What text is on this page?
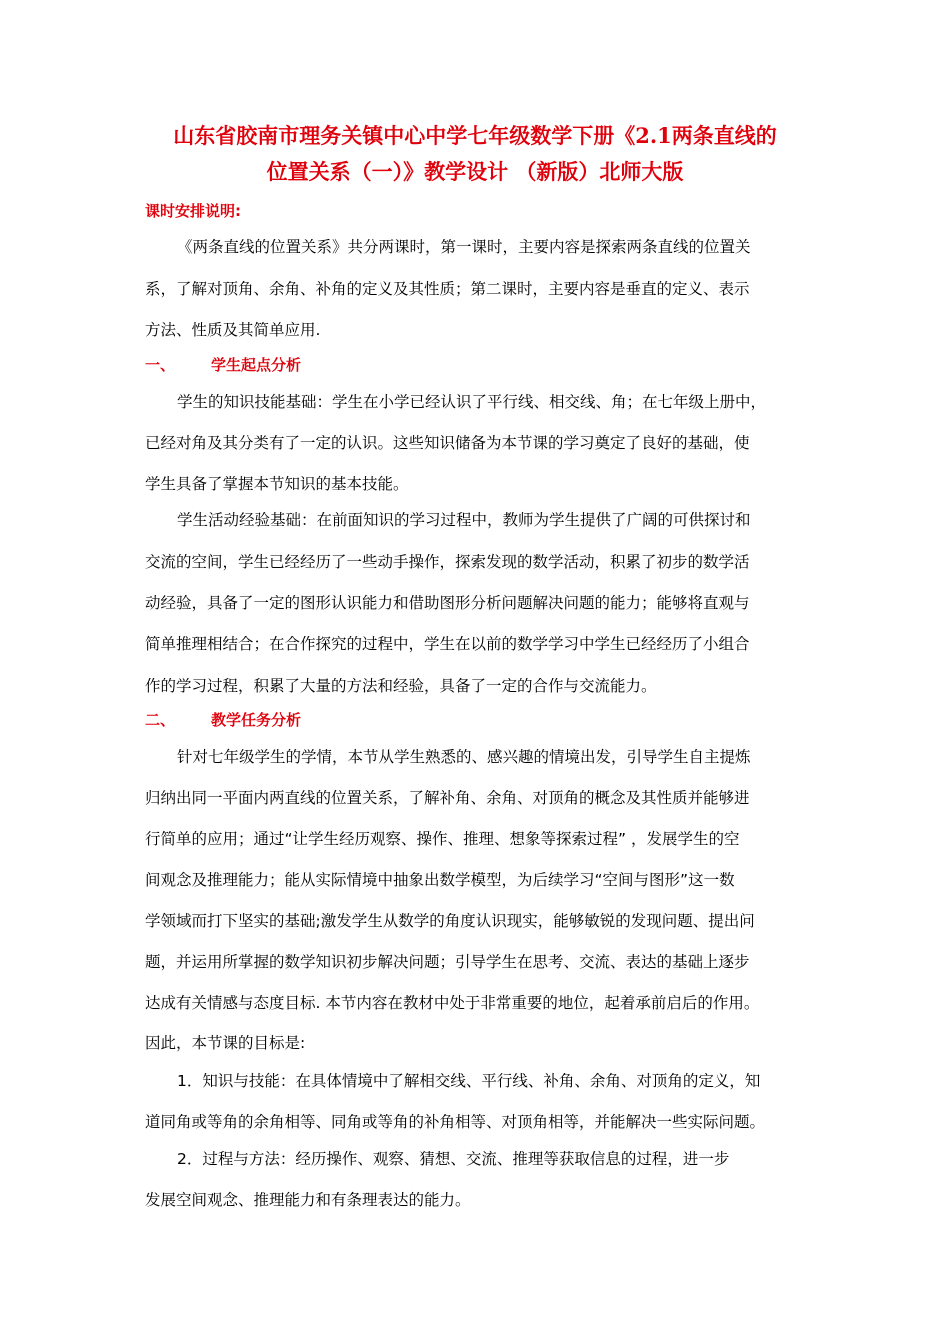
山东省胶南市理务关镇中心中学七年级数学下册《2.1两条直线的
位置关系（一）》教学设计 （新版）北师大版
课时安排说明:
《两条直线的位置关系》共分两课时，第一课时，主要内容是探索两条直线的位置关
系，了解对顶角、余角、补角的定义及其性质；第二课时，主要内容是垂直的定义、表示
方法、性质及其简单应用.
一、 学生起点分析
学生的知识技能基础：学生在小学已经认识了平行线、相交线、角；在七年级上册中，
已经对角及其分类有了一定的认识。这些知识储备为本节课的学习奠定了良好的基础，使
学生具备了掌握本节知识的基本技能。
学生活动经验基础：在前面知识的学习过程中，教师为学生提供了广阔的可供探讨和
交流的空间，学生已经经历了一些动手操作，探索发现的数学活动，积累了初步的数学活
动经验，具备了一定的图形认识能力和借助图形分析问题解决问题的能力；能够将直观与
简单推理相结合；在合作探究的过程中，学生在以前的数学学习中学生已经经历了小组合
作的学习过程，积累了大量的方法和经验，具备了一定的合作与交流能力。
二、 教学任务分析
针对七年级学生的学情，本节从学生熟悉的、感兴趣的情境出发，引导学生自主提炼
归纳出同一平面内两直线的位置关系，了解补角、余角、对顶角的概念及其性质并能够进
行简单的应用；通过“让学生经历观察、操作、推理、想象等探索过程” ，发展学生的空
间观念及推理能力；能从实际情境中抽象出数学模型，为后续学习“空间与图形”这一数
学领域而打下坚实的基础;激发学生从数学的角度认识现实，能够敏锐的发现问题、提出问
题，并运用所掌握的数学知识初步解决问题；引导学生在思考、交流、表达的基础上逐步
达成有关情感与态度目标. 本节内容在教材中处于非常重要的地位，起着承前启后的作用。
因此，本节课的目标是:
1．知识与技能：在具体情境中了解相交线、平行线、补角、余角、对顶角的定义，知
道同角或等角的余角相等、同角或等角的补角相等、对顶角相等，并能解决一些实际问题。
2．过程与方法：经历操作、观察、猜想、交流、推理等获取信息的过程，进一步
发展空间观念、推理能力和有条理表达的能力。
